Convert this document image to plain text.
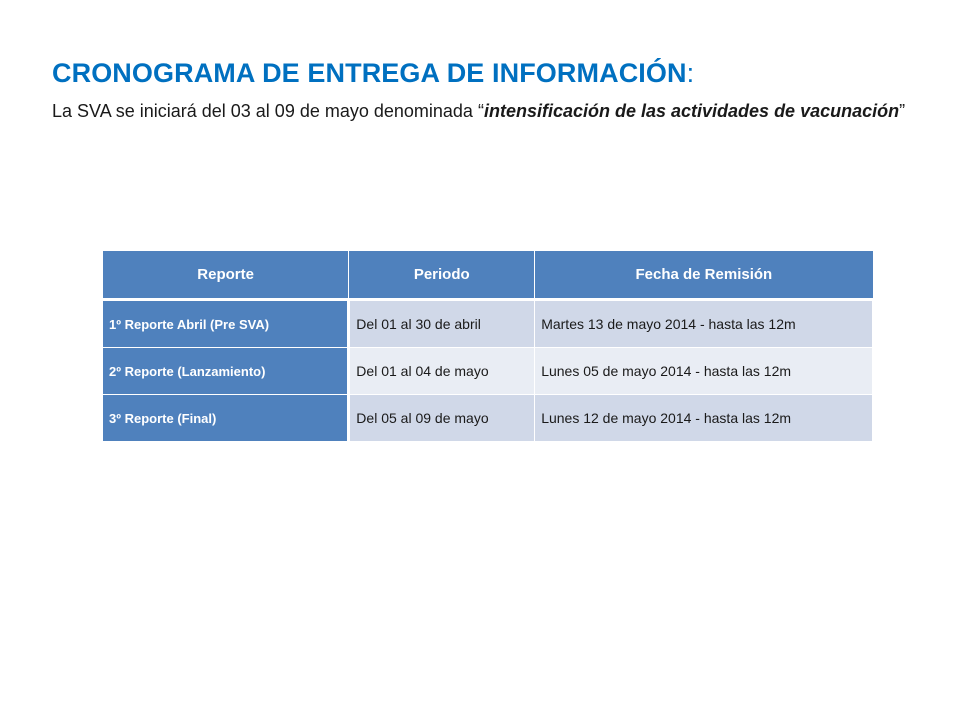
CRONOGRAMA DE ENTREGA DE INFORMACIÓN:
La SVA se iniciará del 03 al 09 de mayo denominada “intensificación de las actividades de vacunación”
Reporte	Periodo	Fecha de Remisión
1º Reporte Abril (Pre SVA)	Del 01 al 30 de abril	Martes 13 de mayo 2014 - hasta las 12m
2º Reporte (Lanzamiento)	Del 01 al 04 de mayo	Lunes 05 de mayo 2014 - hasta las 12m
3º Reporte (Final)	Del 05 al 09 de mayo	Lunes 12 de mayo 2014 - hasta las 12m
